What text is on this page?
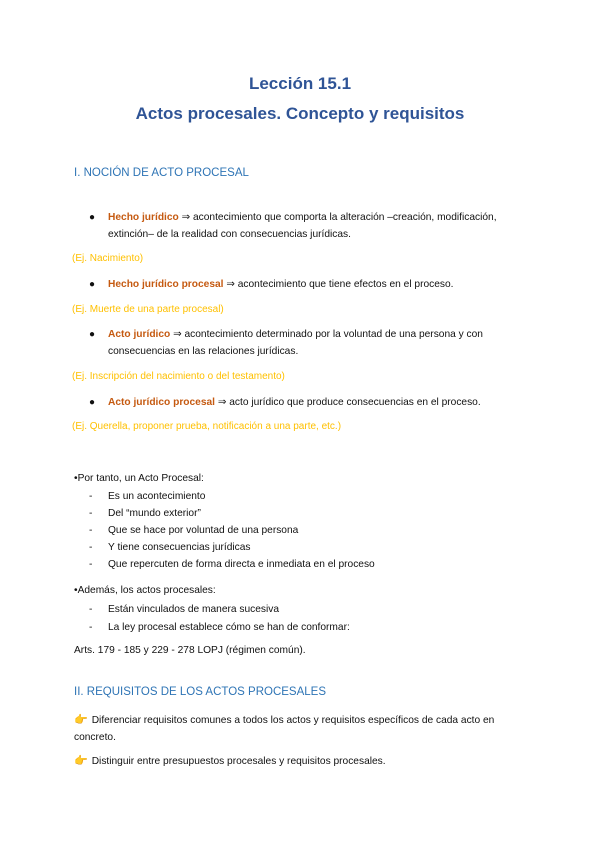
Lección 15.1
Actos procesales. Concepto y requisitos
I. NOCIÓN DE ACTO PROCESAL
● Hecho jurídico ⇒ acontecimiento que comporta la alteración –creación, modificación, extinción– de la realidad con consecuencias jurídicas.
(Ej. Nacimiento)
● Hecho jurídico procesal ⇒ acontecimiento que tiene efectos en el proceso.
(Ej. Muerte de una parte procesal)
● Acto jurídico ⇒ acontecimiento determinado por la voluntad de una persona y con consecuencias en las relaciones jurídicas.
(Ej. Inscripción del nacimiento o del testamento)
● Acto jurídico procesal ⇒ acto jurídico que produce consecuencias en el proceso.
(Ej. Querella, proponer prueba, notificación a una parte, etc.)
•Por tanto, un Acto Procesal:
- Es un acontecimiento
- Del “mundo exterior”
- Que se hace por voluntad de una persona
- Y tiene consecuencias jurídicas
- Que repercuten de forma directa e inmediata en el proceso
•Además, los actos procesales:
- Están vinculados de manera sucesiva
- La ley procesal establece cómo se han de conformar:
Arts. 179 - 185 y 229 - 278 LOPJ (régimen común).
II. REQUISITOS DE LOS ACTOS PROCESALES
👉 Diferenciar requisitos comunes a todos los actos y requisitos específicos de cada acto en concreto.
👉 Distinguir entre presupuestos procesales y requisitos procesales.
